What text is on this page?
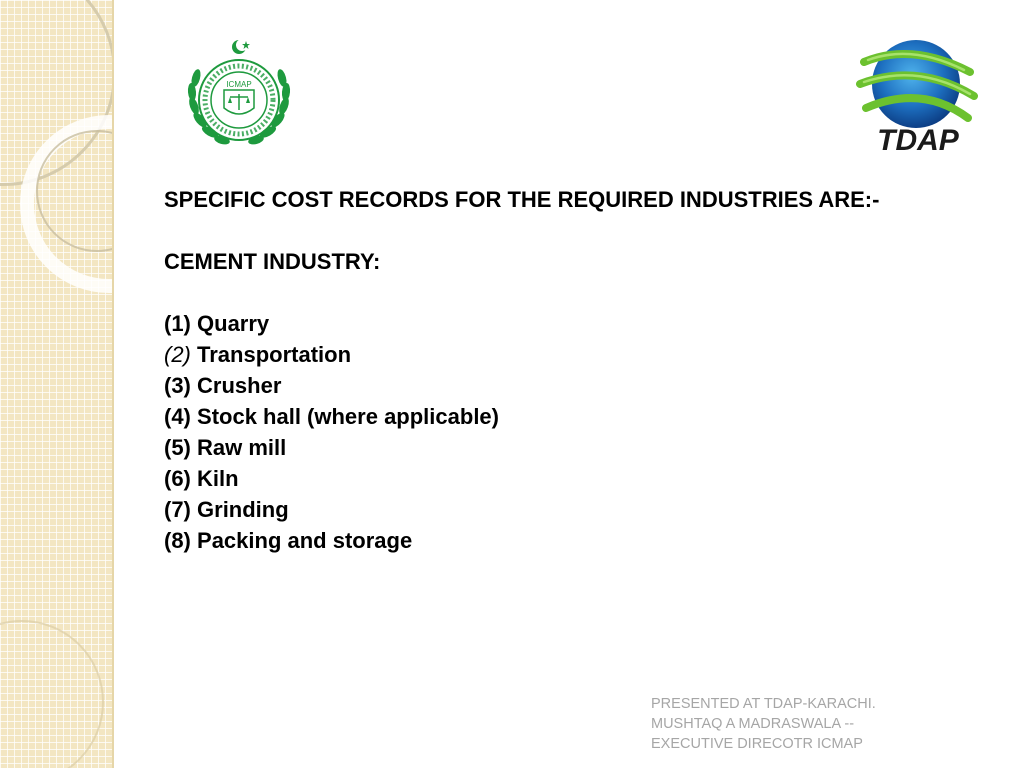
ICMAP
TDAP

SPECIFIC COST RECORDS FOR THE REQUIRED INDUSTRIES ARE:-

CEMENT INDUSTRY:

(1) Quarry
(2) Transportation
(3) Crusher
(4) Stock hall (where applicable)
(5) Raw mill
(6) Kiln
(7) Grinding
(8) Packing and storage
PRESENTED AT TDAP-KARACHI.
MUSHTAQ A MADRASWALA --
EXECUTIVE DIRECOTR ICMAP
